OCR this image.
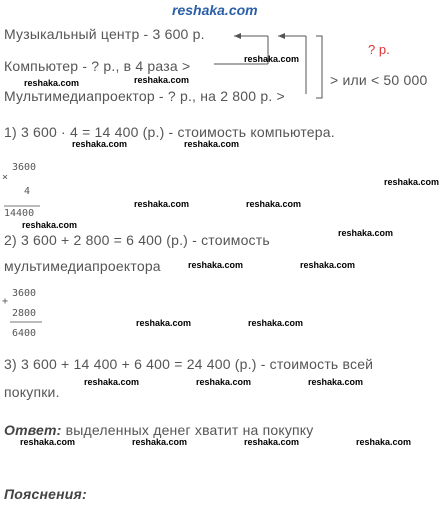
reshaka.com
Музыкальный центр - 3 600 р.
Компьютер - ? р., в 4 раза >
Мультимедиапроектор - ? р., на 2 800 р. >
? р.
> или < 50 000
reshaka.com
reshaka.com	reshaka.com
1) 3 600 · 4 = 14 400 (р.) - стоимость компьютера.
reshaka.com	reshaka.com
×
3600
4
14400
reshaka.com
reshaka.com	reshaka.com
reshaka.com
reshaka.com
2) 3 600 + 2 800 = 6 400 (р.) - стоимость
мультимедиапроектора	reshaka.com	reshaka.com
+
3600
2800
6400
reshaka.com	reshaka.com
3) 3 600 + 14 400 + 6 400 = 24 400 (р.) - стоимость всей
reshaka.com	reshaka.com	reshaka.com
покупки.
Ответ: выделенных денег хватит на покупку
reshaka.com	reshaka.com	reshaka.com	reshaka.com
Пояснения:
